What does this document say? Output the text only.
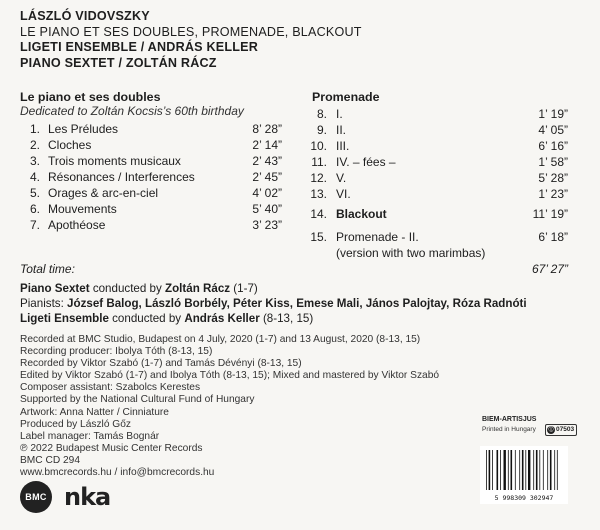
LÁSZLÓ VIDOVSZKY
LE PIANO ET SES DOUBLES, PROMENADE, BLACKOUT
LIGETI ENSEMBLE / ANDRÁS KELLER
PIANO SEXTET / ZOLTÁN RÁCZ
Le piano et ses doubles
Dedicated to Zoltán Kocsis’s 60th birthday
1. Les Préludes	8’ 28”
2. Cloches	2’ 14”
3. Trois moments musicaux	2’ 43”
4. Résonances / Interferences	2’ 45”
5. Orages & arc-en-ciel	4’ 02”
6. Mouvements	5’ 40”
7. Apothéose	3’ 23”
Promenade
8. I.	1’ 19”
9. II.	4’ 05”
10. III.	6’ 16”
11. IV. – fées –	1’ 58”
12. V.	5’ 28”
13. VI.	1’ 23”
14. Blackout	11’ 19”
15. Promenade - II.	6’ 18”
(version with two marimbas)
Total time:	67’ 27”
Piano Sextet conducted by Zoltán Rácz (1-7)
Pianists: József Balog, László Borbély, Péter Kiss, Emese Mali, János Palojtay, Róza Radnóti
Ligeti Ensemble conducted by András Keller (8-13, 15)
Recorded at BMC Studio, Budapest on 4 July, 2020 (1-7) and 13 August, 2020 (8-13, 15)
Recording producer: Ibolya Tóth (8-13, 15)
Recorded by Viktor Szabó (1-7) and Tamás Dévényi (8-13, 15)
Edited by Viktor Szabó (1-7) and Ibolya Tóth (8-13, 15); Mixed and mastered by Viktor Szabó
Composer assistant: Szabolcs Kerestes
Supported by the National Cultural Fund of Hungary
Artwork: Anna Natter / Cinniature
Produced by László Gőz
Label manager: Tamás Bognár
℗ 2022 Budapest Music Center Records
BMC CD 294
www.bmcrecords.hu / info@bmcrecords.hu
BMC nka
BIEM-ARTISJUS
Printed in Hungary	ⓛ 07503
5 998309 302947
